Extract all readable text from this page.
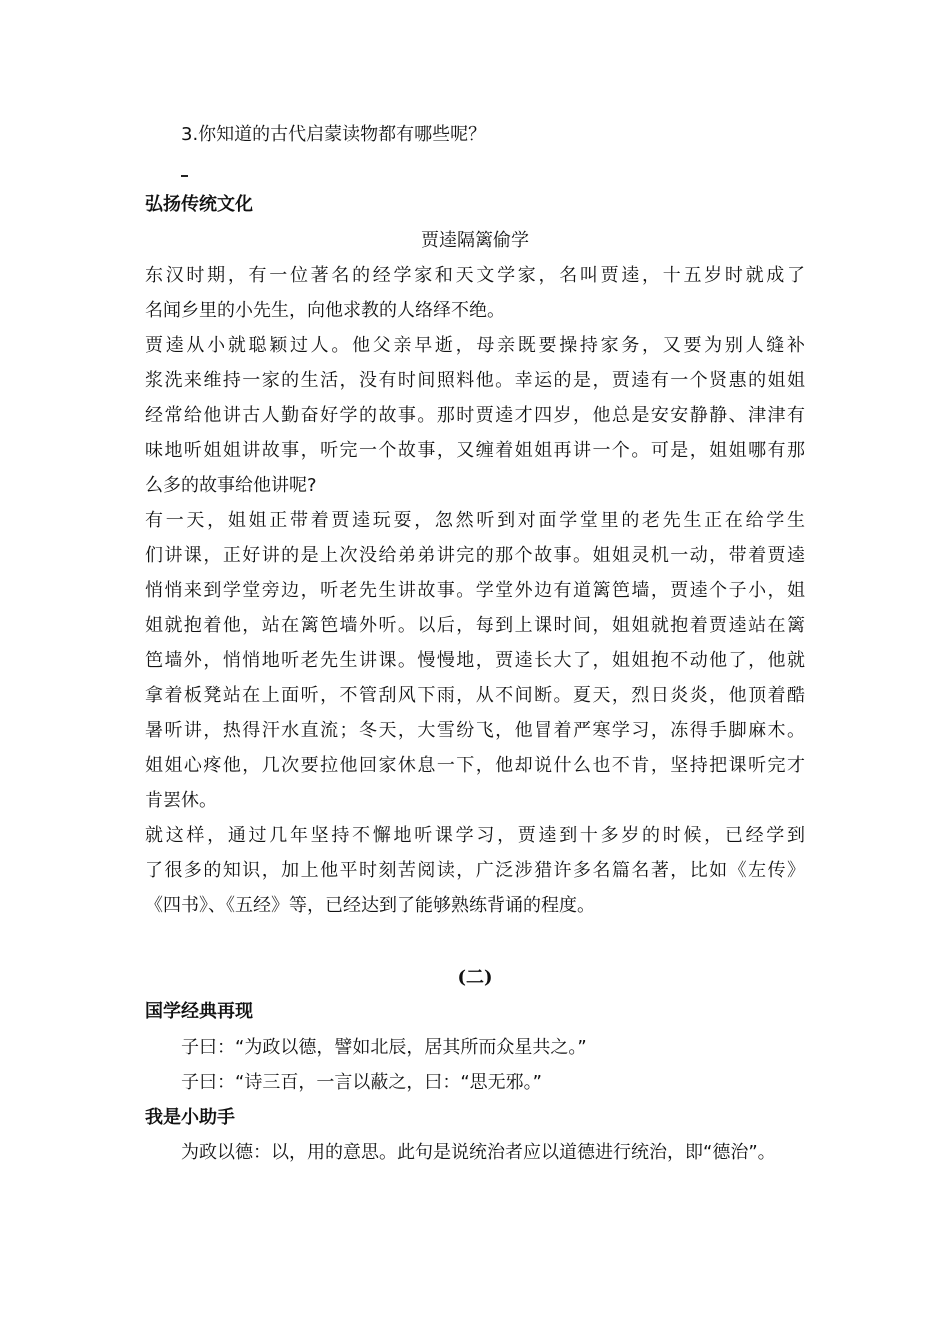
3.你知道的古代启蒙读物都有哪些呢？
弘扬传统文化
贾逵隔篱偷学
东汉时期，有一位著名的经学家和天文学家，名叫贾逵，十五岁时就成了
名闻乡里的小先生，向他求教的人络绎不绝。
贾逵从小就聪颖过人。他父亲早逝，母亲既要操持家务，又要为别人缝补
浆洗来维持一家的生活，没有时间照料他。幸运的是，贾逵有一个贤惠的姐姐
经常给他讲古人勤奋好学的故事。那时贾逵才四岁，他总是安安静静、津津有
味地听姐姐讲故事，听完一个故事，又缠着姐姐再讲一个。可是，姐姐哪有那
么多的故事给他讲呢?
有一天，姐姐正带着贾逵玩耍，忽然听到对面学堂里的老先生正在给学生
们讲课，正好讲的是上次没给弟弟讲完的那个故事。姐姐灵机一动，带着贾逵
悄悄来到学堂旁边，听老先生讲故事。学堂外边有道篱笆墙，贾逵个子小，姐
姐就抱着他，站在篱笆墙外听。以后，每到上课时间，姐姐就抱着贾逵站在篱
笆墙外，悄悄地听老先生讲课。慢慢地，贾逵长大了，姐姐抱不动他了，他就
拿着板凳站在上面听，不管刮风下雨，从不间断。夏天，烈日炎炎，他顶着酷
暑听讲，热得汗水直流；冬天，大雪纷飞，他冒着严寒学习，冻得手脚麻木。
姐姐心疼他，几次要拉他回家休息一下，他却说什么也不肯，坚持把课听完才
肯罢休。
就这样，通过几年坚持不懈地听课学习，贾逵到十多岁的时候，已经学到
了很多的知识，加上他平时刻苦阅读，广泛涉猎许多名篇名著，比如《左传》
《四书》、《五经》等，已经达到了能够熟练背诵的程度。
(二)
国学经典再现
子曰：“为政以德，譬如北辰，居其所而众星共之。”
子曰：“诗三百，一言以蔽之，曰：“思无邪。”
我是小助手
为政以德：以，用的意思。此句是说统治者应以道德进行统治，即“德治”。
